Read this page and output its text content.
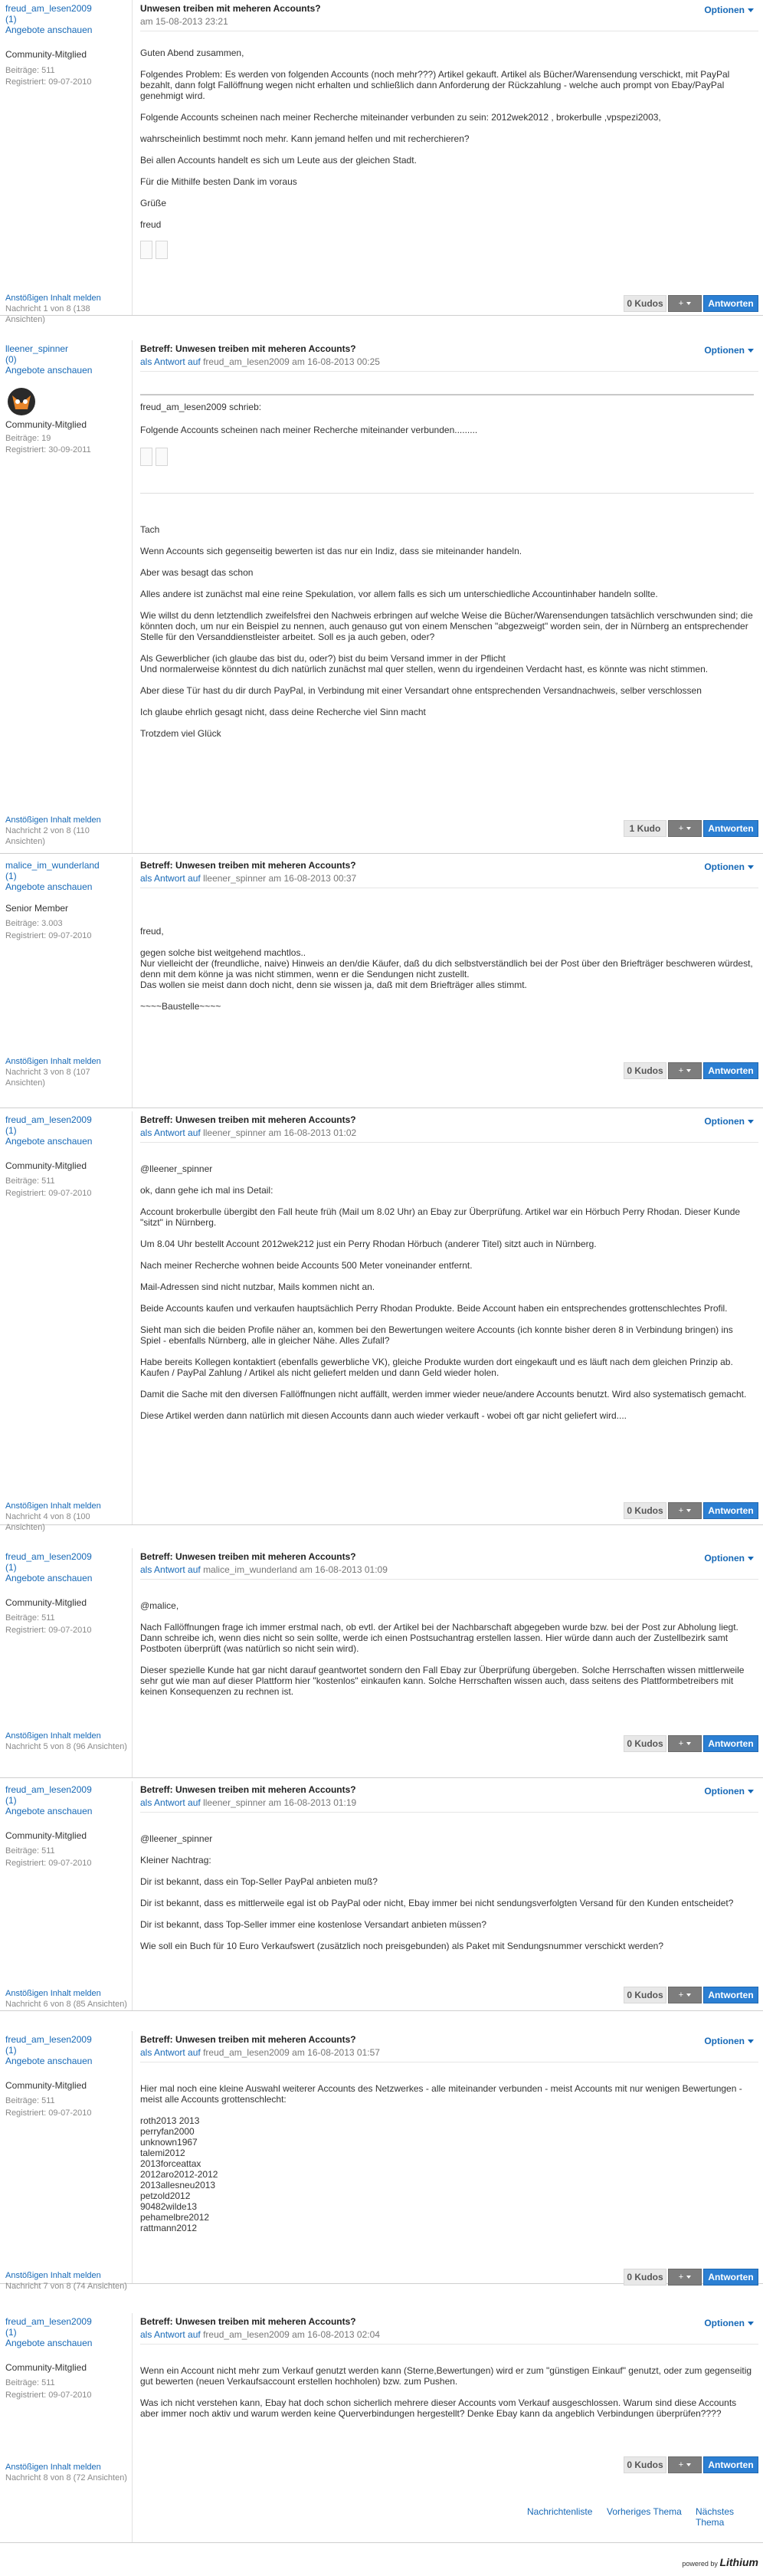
freud_am_lesen2009
(1)
Angebote anschauen
Community-Mitglied
Beiträge: 511
Registriert: 09-07-2010
Anstößigen Inhalt melden
Nachricht 1 von 8 (138 Ansichten)
Unwesen treiben mit meheren Accounts?
am 15-08-2013 23:21
Optionen

Guten Abend zusammen,

Folgendes Problem: Es werden von folgenden Accounts (noch mehr???) Artikel gekauft. Artikel als Bücher/Warensendung verschickt, mit PayPal bezahlt, dann folgt Fallöffnung wegen nicht erhalten und schließlich dann Anforderung der Rückzahlung - welche auch prompt von Ebay/PayPal genehmigt wird.

Folgende Accounts scheinen nach meiner Recherche miteinander verbunden zu sein: 2012wek2012 , brokerbulle ,vpspezi2003,

wahrscheinlich bestimmt noch mehr. Kann jemand helfen und mit recherchieren?

Bei allen Accounts handelt es sich um Leute aus der gleichen Stadt.

Für die Mithilfe besten Dank im voraus

Grüße

freud

0 Kudos	+	Antworten
lleener_spinner
(0)
Angebote anschauen
Community-Mitglied
Beiträge: 19
Registriert: 30-09-2011
Anstößigen Inhalt melden
Nachricht 2 von 8 (110 Ansichten)
Betreff: Unwesen treiben mit meheren Accounts?
als Antwort auf freud_am_lesen2009 am 16-08-2013 00:25
Optionen
freud_am_lesen2009 schrieb:
Folgende Accounts scheinen nach meiner Recherche miteinander verbunden.........

Tach

Wenn Accounts sich gegenseitig bewerten ist das nur ein Indiz, dass sie miteinander handeln.

Aber was besagt das schon

Alles andere ist zunächst mal eine reine Spekulation, vor allem falls es sich um unterschiedliche Accountinhaber handeln sollte.

Wie willst du denn letztendlich zweifelsfrei den Nachweis erbringen auf welche Weise die Bücher/Warensendungen tatsächlich verschwunden sind; die könnten doch, um nur ein Beispiel zu nennen, auch genauso gut von einem Menschen "abgezweigt" worden sein, der in Nürnberg an entsprechender Stelle für den Versanddienstleister arbeitet. Soll es ja auch geben, oder?

Als Gewerblicher (ich glaube das bist du, oder?) bist du beim Versand immer in der Pflicht
Und normalerweise könntest du dich natürlich zunächst mal quer stellen, wenn du irgendeinen Verdacht hast, es könnte was nicht stimmen.

Aber diese Tür hast du dir durch PayPal, in Verbindung mit einer Versandart ohne entsprechenden Versandnachweis, selber verschlossen

Ich glaube ehrlich gesagt nicht, dass deine Recherche viel Sinn macht

Trotzdem viel Glück

1 Kudo	+	Antworten
malice_im_wunderland
(1)
Angebote anschauen
Senior Member
Beiträge: 3.003
Registriert: 09-07-2010
Anstößigen Inhalt melden
Nachricht 3 von 8 (107 Ansichten)
Betreff: Unwesen treiben mit meheren Accounts?
als Antwort auf lleener_spinner am 16-08-2013 00:37
Optionen

freud,

gegen solche bist weitgehend machtlos..
Nur vielleicht der (freundliche, naive) Hinweis an den/die Käufer, daß du dich selbstverständlich bei der Post über den Briefträger beschweren würdest, denn mit dem könne ja was nicht stimmen, wenn er die Sendungen nicht zustellt.
Das wollen sie meist dann doch nicht, denn sie wissen ja, daß mit dem Briefträger alles stimmt.

~~~~Baustelle~~~~

0 Kudos	+	Antworten
freud_am_lesen2009
(1)
Angebote anschauen
Community-Mitglied
Beiträge: 511
Registriert: 09-07-2010
Anstößigen Inhalt melden
Nachricht 4 von 8 (100 Ansichten)
Betreff: Unwesen treiben mit meheren Accounts?
als Antwort auf lleener_spinner am 16-08-2013 01:02
Optionen

@lleener_spinner

ok, dann gehe ich mal ins Detail:

Account brokerbulle übergibt den Fall heute früh (Mail um 8.02 Uhr) an Ebay zur Überprüfung. Artikel war ein Hörbuch Perry Rhodan. Dieser Kunde "sitzt" in Nürnberg.

Um 8.04 Uhr bestellt Account 2012wek212 just ein Perry Rhodan Hörbuch (anderer Titel) sitzt auch in Nürnberg.

Nach meiner Recherche wohnen beide Accounts 500 Meter voneinander entfernt.

Mail-Adressen sind nicht nutzbar, Mails kommen nicht an.

Beide Accounts kaufen und verkaufen hauptsächlich Perry Rhodan Produkte. Beide Account haben ein entsprechendes grottenschlechtes Profil.

Sieht man sich die beiden Profile näher an, kommen bei den Bewertungen weitere Accounts (ich konnte bisher deren 8 in Verbindung bringen) ins Spiel - ebenfalls Nürnberg, alle in gleicher Nähe. Alles Zufall?

Habe bereits Kollegen kontaktiert (ebenfalls gewerbliche VK), gleiche Produkte wurden dort eingekauft und es läuft nach dem gleichen Prinzip ab. Kaufen / PayPal Zahlung / Artikel als nicht geliefert melden und dann Geld wieder holen.

Damit die Sache mit den diversen Fallöffnungen nicht auffällt, werden immer wieder neue/andere Accounts benutzt. Wird also systematisch gemacht.

Diese Artikel werden dann natürlich mit diesen Accounts dann auch wieder verkauft - wobei oft gar nicht geliefert wird....

0 Kudos	+	Antworten
freud_am_lesen2009
(1)
Angebote anschauen
Community-Mitglied
Beiträge: 511
Registriert: 09-07-2010
Anstößigen Inhalt melden
Nachricht 5 von 8 (96 Ansichten)
Betreff: Unwesen treiben mit meheren Accounts?
als Antwort auf malice_im_wunderland am 16-08-2013 01:09
Optionen

@malice,

Nach Fallöffnungen frage ich immer erstmal nach, ob evtl. der Artikel bei der Nachbarschaft abgegeben wurde bzw. bei der Post zur Abholung liegt. Dann schreibe ich, wenn dies nicht so sein sollte, werde ich einen Postsuchantrag erstellen lassen. Hier würde dann auch der Zustellbezirk samt Postboten überprüft (was natürlich so nicht sein wird).

Dieser spezielle Kunde hat gar nicht darauf geantwortet sondern den Fall Ebay zur Überprüfung übergeben. Solche Herrschaften wissen mittlerweile sehr gut wie man auf dieser Plattform hier "kostenlos" einkaufen kann. Solche Herrschaften wissen auch, dass seitens des Plattformbetreibers mit keinen Konsequenzen zu rechnen ist.

0 Kudos	+	Antworten
freud_am_lesen2009
(1)
Angebote anschauen
Community-Mitglied
Beiträge: 511
Registriert: 09-07-2010
Anstößigen Inhalt melden
Nachricht 6 von 8 (85 Ansichten)
Betreff: Unwesen treiben mit meheren Accounts?
als Antwort auf lleener_spinner am 16-08-2013 01:19
Optionen

@lleener_spinner

Kleiner Nachtrag:

Dir ist bekannt, dass ein Top-Seller PayPal anbieten muß?

Dir ist bekannt, dass es mittlerweile egal ist ob PayPal oder nicht, Ebay immer bei nicht sendungsverfolgten Versand für den Kunden entscheidet?

Dir ist bekannt, dass Top-Seller immer eine kostenlose Versandart anbieten müssen?

Wie soll ein Buch für 10 Euro Verkaufswert (zusätzlich noch preisgebunden) als Paket mit Sendungsnummer verschickt werden?

0 Kudos	+	Antworten
freud_am_lesen2009
(1)
Angebote anschauen
Community-Mitglied
Beiträge: 511
Registriert: 09-07-2010
Anstößigen Inhalt melden
Nachricht 7 von 8 (74 Ansichten)
Betreff: Unwesen treiben mit meheren Accounts?
als Antwort auf freud_am_lesen2009 am 16-08-2013 01:57
Optionen

Hier mal noch eine kleine Auswahl weiterer Accounts des Netzwerkes - alle miteinander verbunden - meist Accounts mit nur wenigen Bewertungen - meist alle Accounts grottenschlecht:

roth2013 2013
perryfan2000
unknown1967
talemi2012
2013forceattax
2012aro2012-2012
2013allesneu2013
petzold2012
90482wilde13
pehamelbre2012
rattmann2012

0 Kudos	+	Antworten
freud_am_lesen2009
(1)
Angebote anschauen
Community-Mitglied
Beiträge: 511
Registriert: 09-07-2010
Anstößigen Inhalt melden
Nachricht 8 von 8 (72 Ansichten)
Betreff: Unwesen treiben mit meheren Accounts?
als Antwort auf freud_am_lesen2009 am 16-08-2013 02:04
Optionen

Wenn ein Account nicht mehr zum Verkauf genutzt werden kann (Sterne,Bewertungen) wird er zum "günstigen Einkauf" genutzt, oder zum gegenseitig gut bewerten (neuen Verkaufsaccount erstellen hochholen) bzw. zum Pushen.

Was ich nicht verstehen kann, Ebay hat doch schon sicherlich mehrere dieser Accounts vom Verkauf ausgeschlossen. Warum sind diese Accounts aber immer noch aktiv und warum werden keine Querverbindungen hergestellt? Denke Ebay kann da angeblich Verbindungen überprüfen????

0 Kudos	+	Antworten
Nachrichtenliste Vorheriges Thema Nächstes Thema
powered by Lithium
